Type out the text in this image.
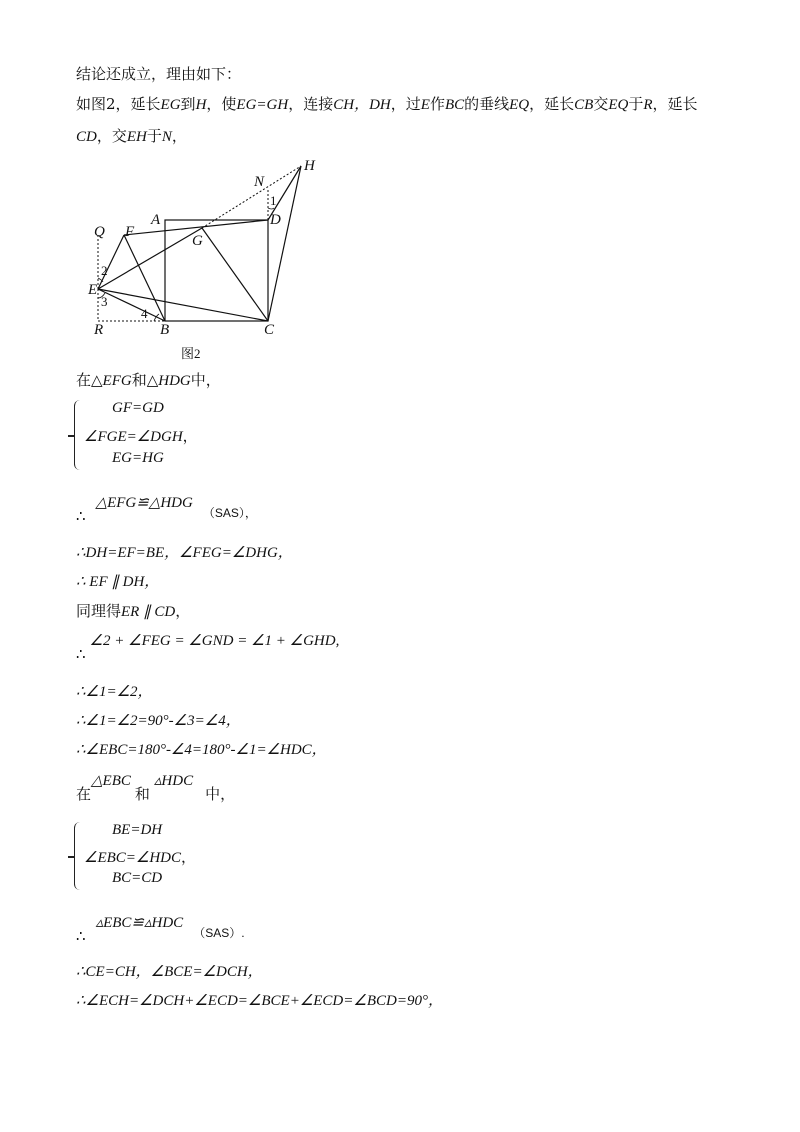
结论还成立，理由如下：
如图2，延长EG到H，使EG=GH，连接CH，DH，过E作BC的垂线EQ，延长CB交EQ于R，延长
CD，交EH于N，
H
N
D
A
G
Q F
E
R	B	C
1
2
3
4
图2
在△EFG和△HDG中，
GF=GD
∠FGE=∠DGH，
EG=HG
$\therefore\triangle EFG≌\triangle HDG_{(SAS),}$
∴DH=EF=BE，∠FEG=∠DHG，
∴ EF ∥ DH，
同理得ER ∥ CD，
∴∠2 + ∠FEG = ∠GND = ∠1 + ∠GHD,
∴∠1=∠2，
∴∠1=∠2=90°-∠3=∠4，
∴∠EBC=180°-∠4=180°-∠1=∠HDC，
在△EBC和▵HDC中，
BE=DH
∠EBC=∠HDC，
BC=CD
$\therefore▵EBC≌▵HDC_{(SAS).}$
∴CE=CH，∠BCE=∠DCH，
∴∠ECH=∠DCH+∠ECD=∠BCE+∠ECD=∠BCD=90°，
